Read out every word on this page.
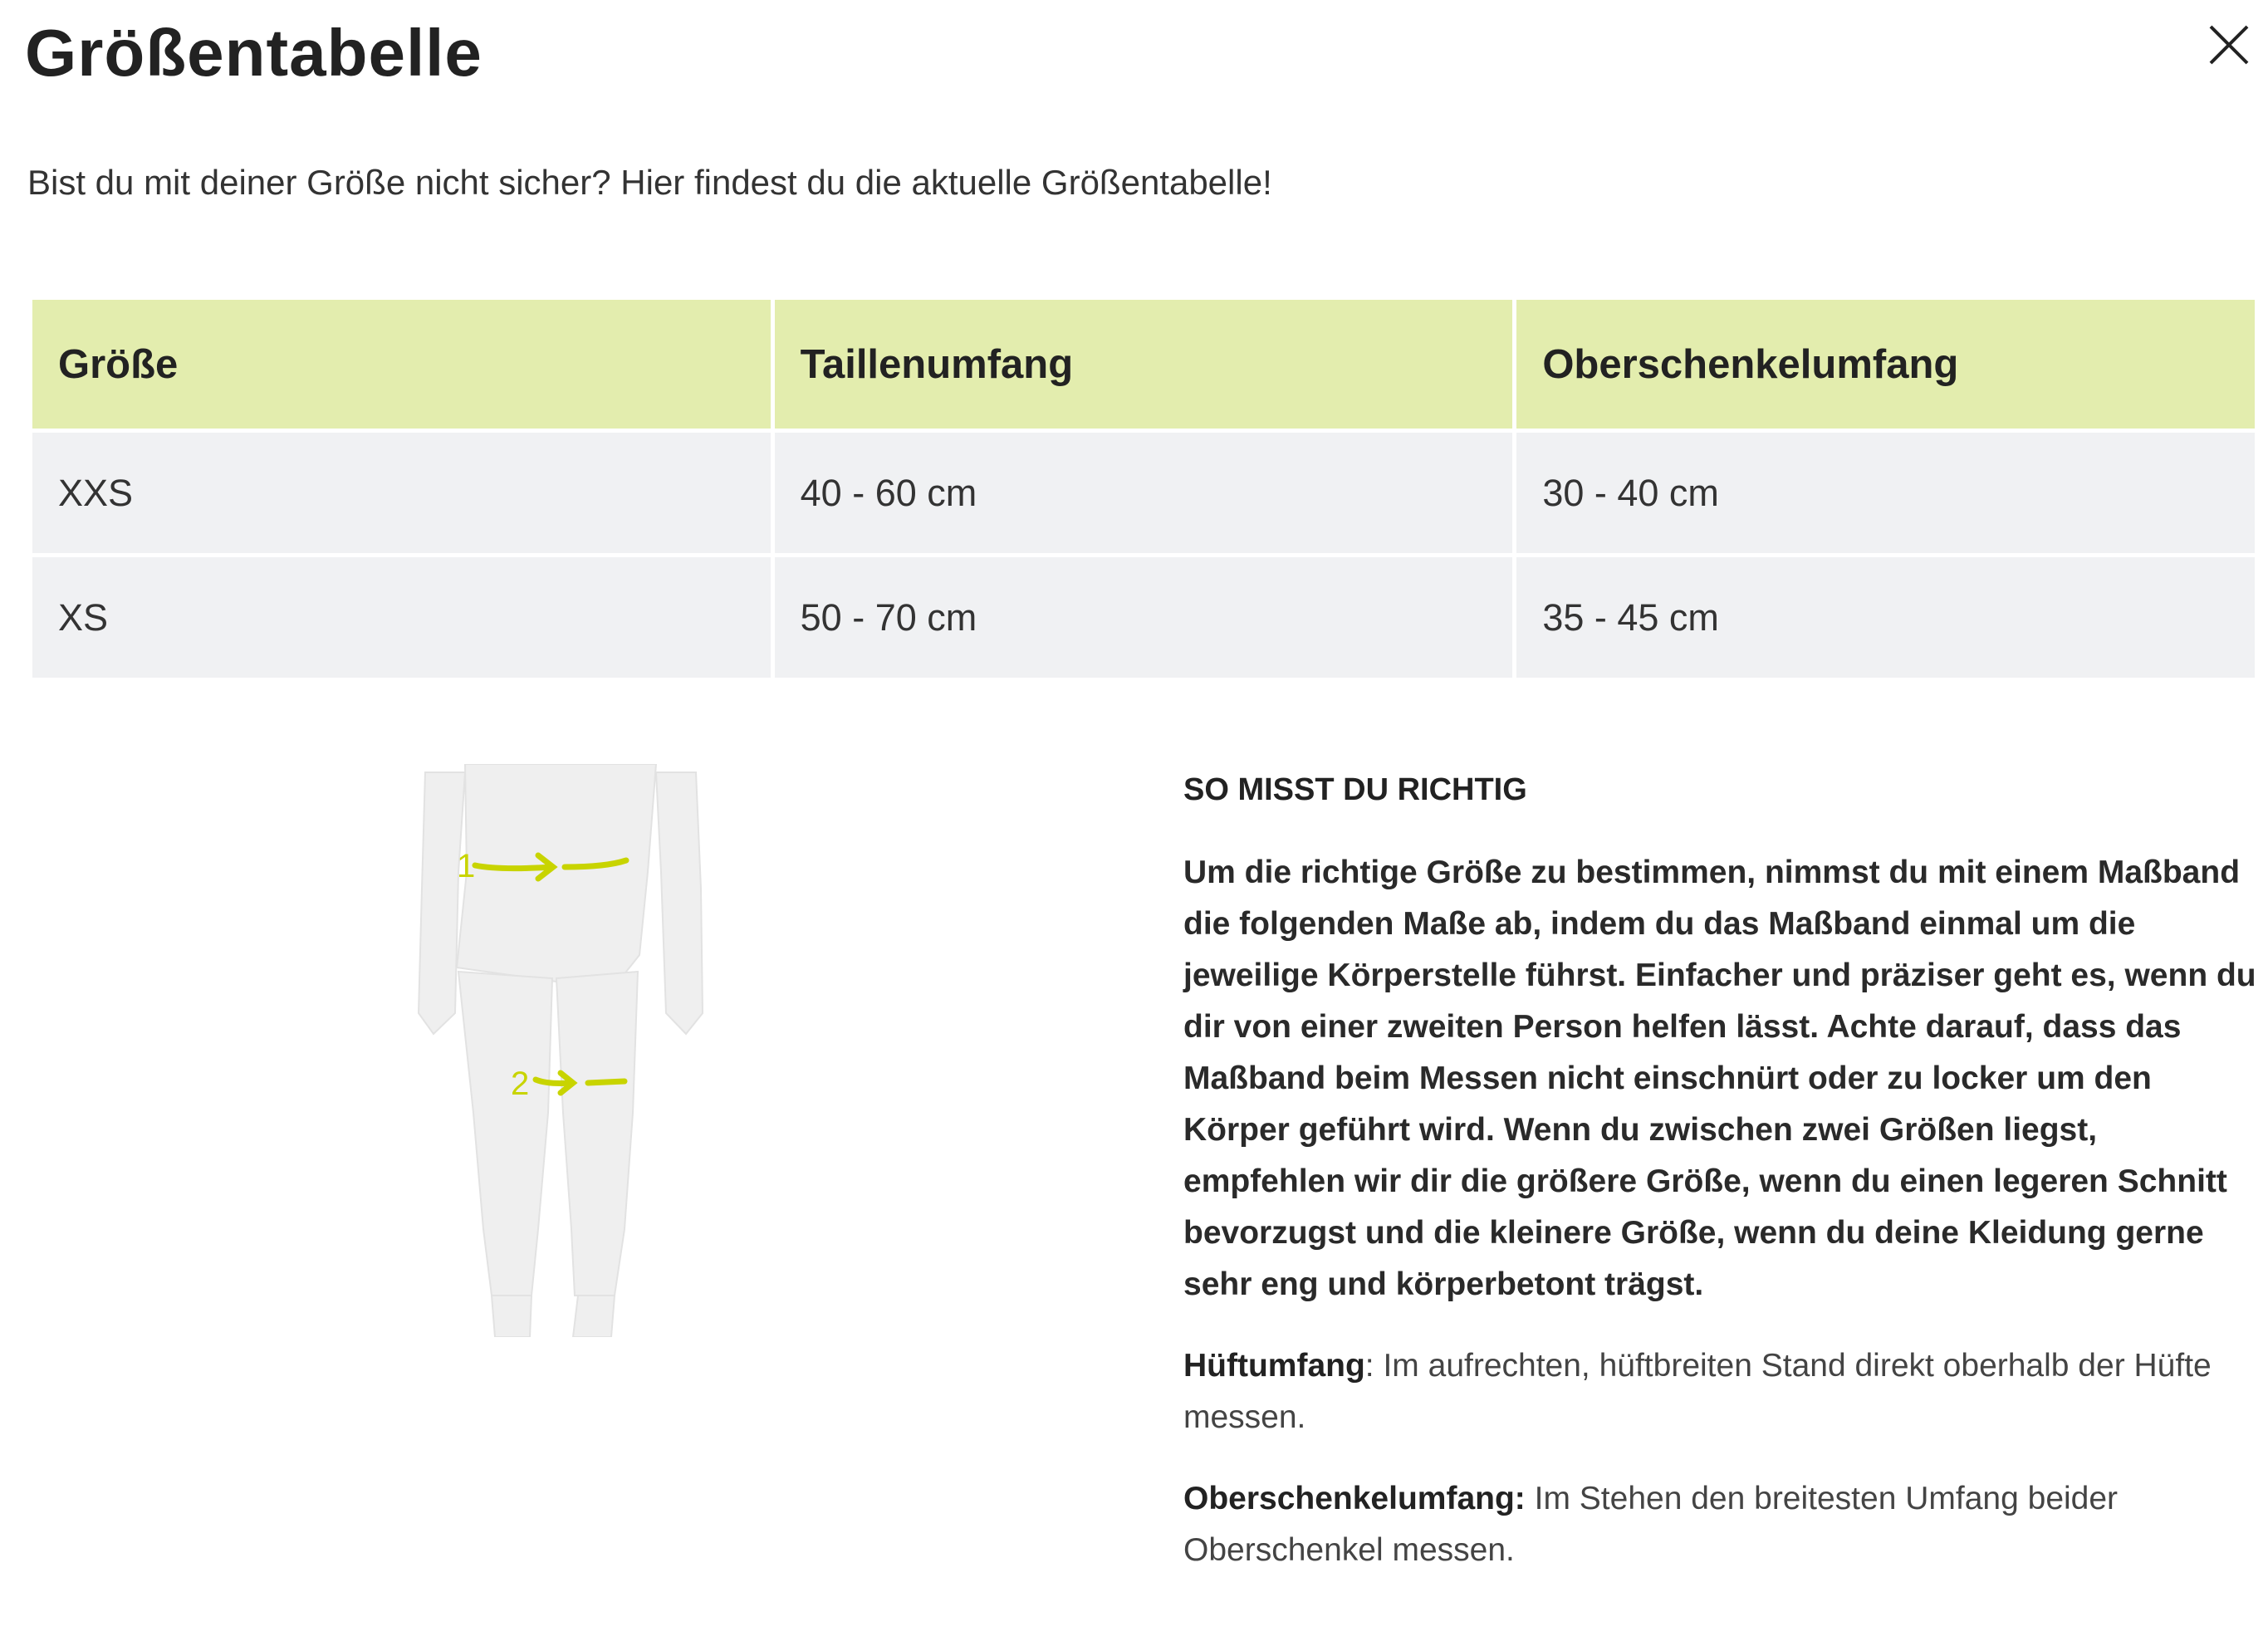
Größentabelle
Bist du mit deiner Größe nicht sicher? Hier findest du die aktuelle Größentabelle!
Größe	Taillenumfang	Oberschenkelumfang
XXS	40 - 60 cm	30 - 40 cm
XS	50 - 70 cm	35 - 45 cm
1
2
SO MISST DU RICHTIG

Um die richtige Größe zu bestimmen, nimmst du mit einem Maßband die folgenden Maße ab, indem du das Maßband einmal um die jeweilige Körperstelle führst. Einfacher und präziser geht es, wenn du dir von einer zweiten Person helfen lässt. Achte darauf, dass das Maßband beim Messen nicht einschnürt oder zu locker um den Körper geführt wird. Wenn du zwischen zwei Größen liegst, empfehlen wir dir die größere Größe, wenn du einen legeren Schnitt bevorzugst und die kleinere Größe, wenn du deine Kleidung gerne sehr eng und körperbetont trägst.

Hüftumfang: Im aufrechten, hüftbreiten Stand direkt oberhalb der Hüfte messen.

Oberschenkelumfang: Im Stehen den breitesten Umfang beider Oberschenkel messen.
